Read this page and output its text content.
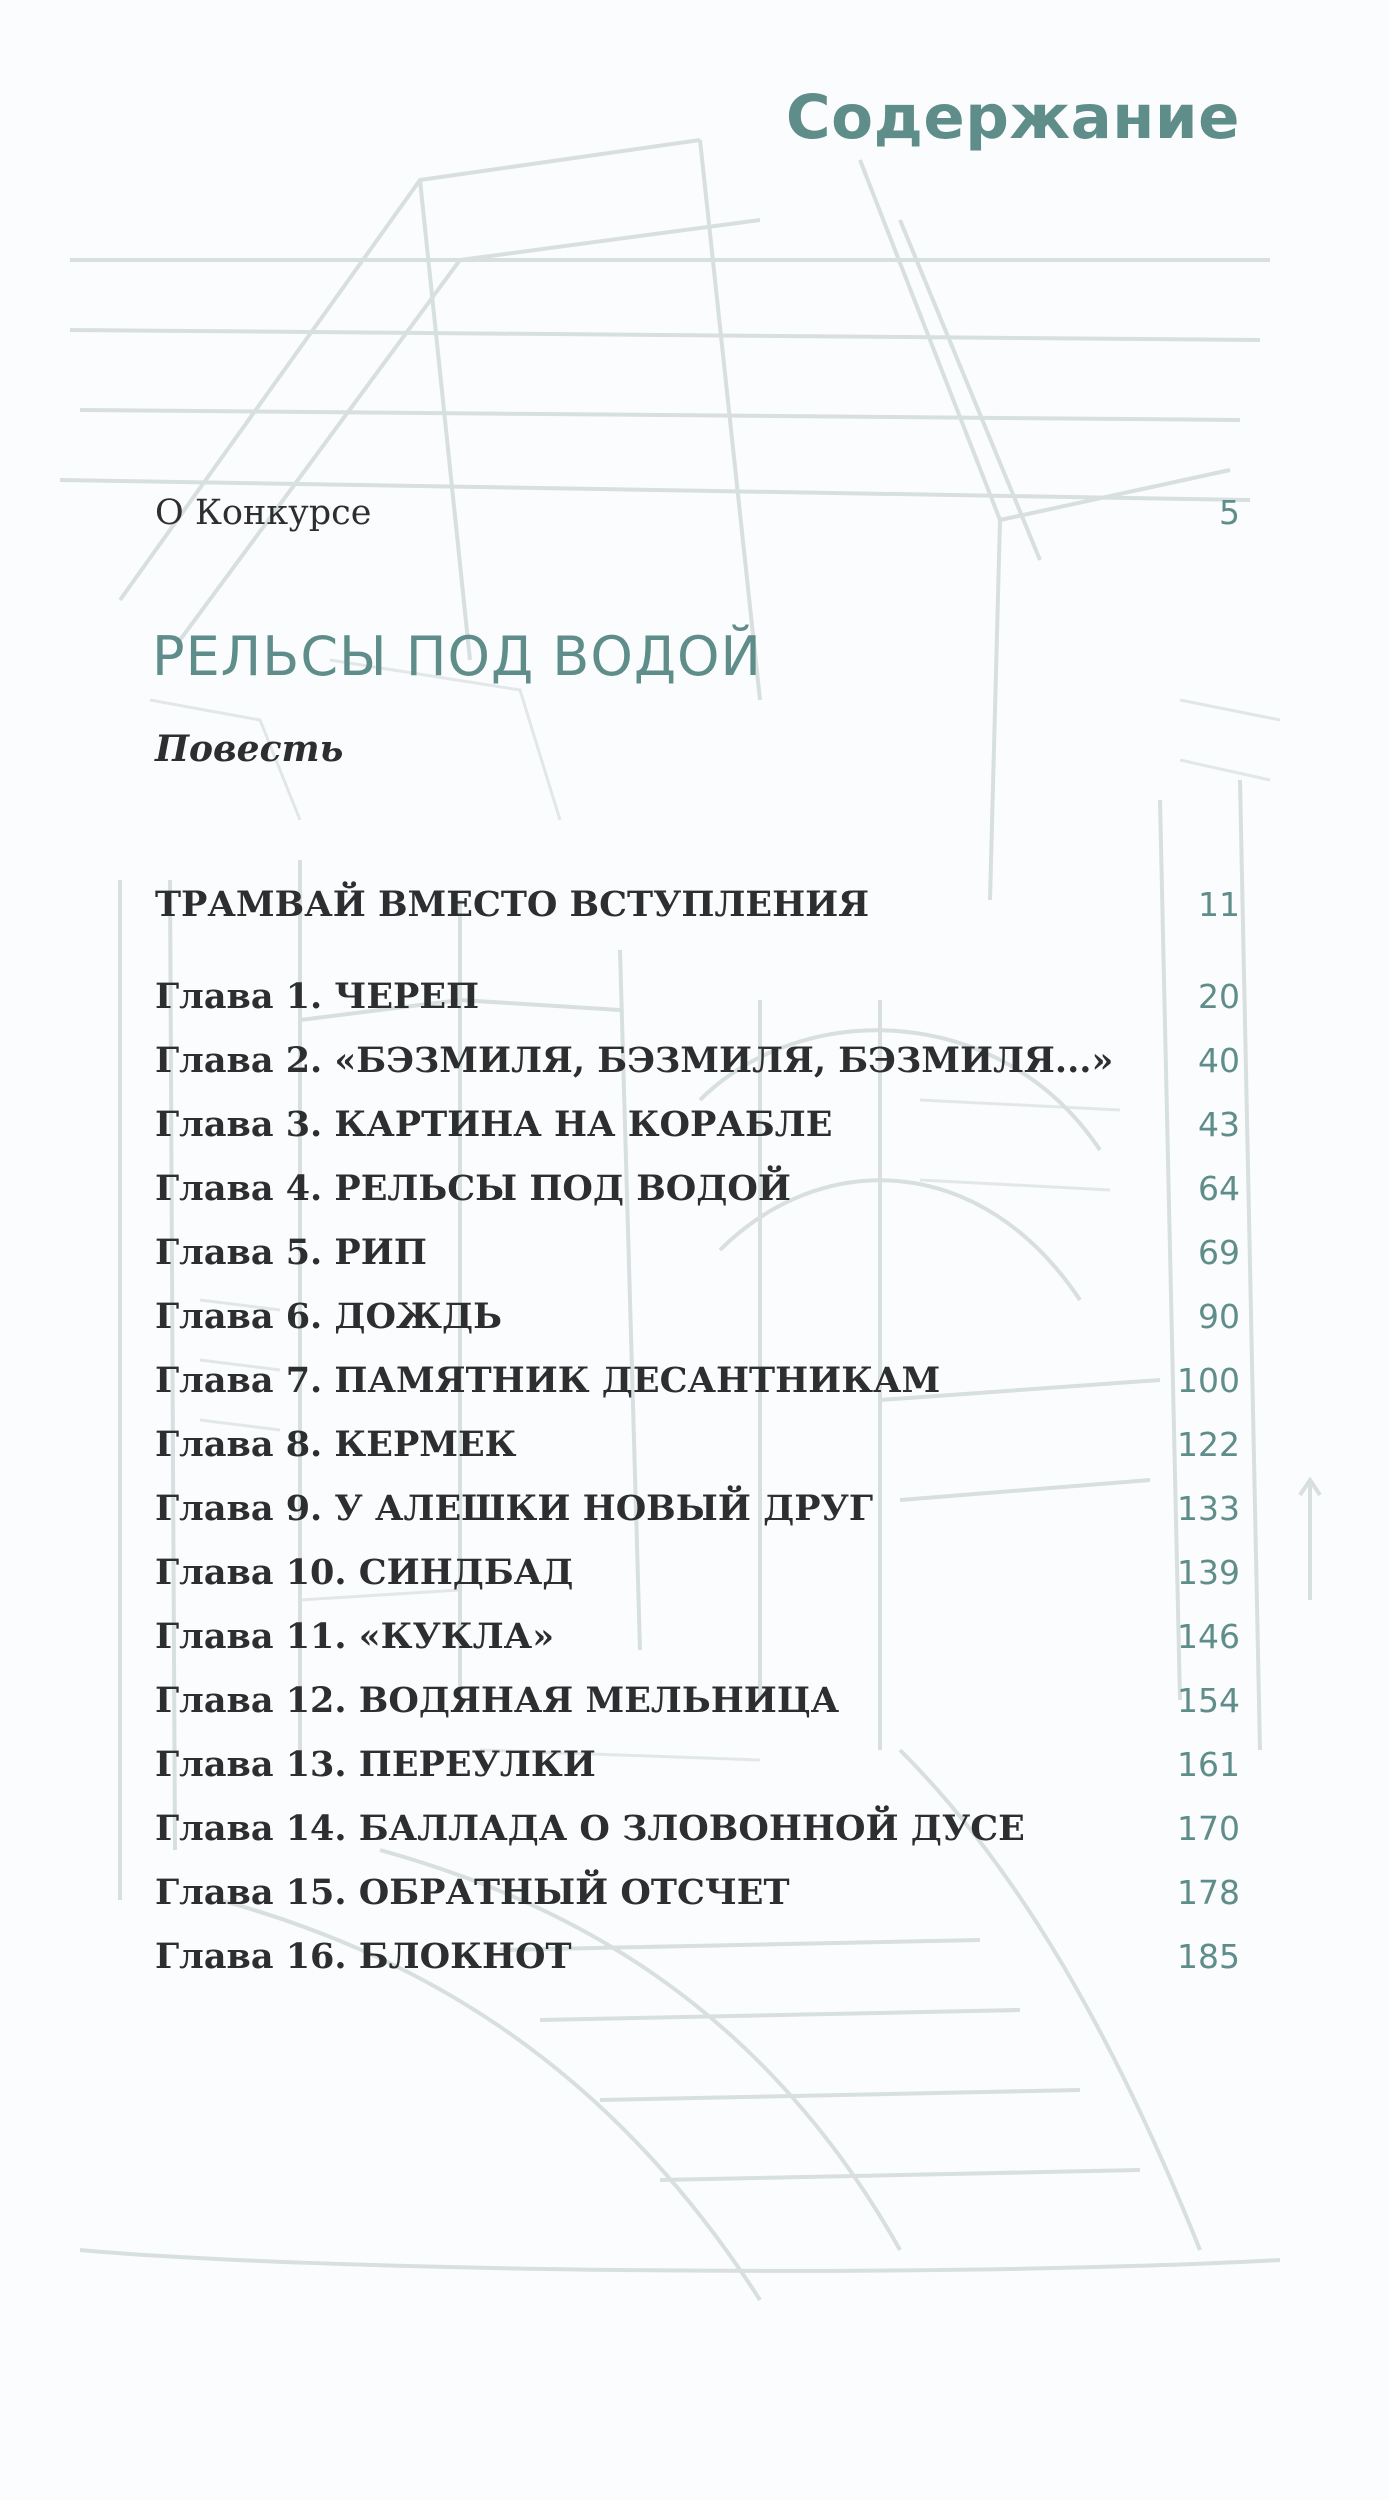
Содержание
О Конкурсе	5
РЕЛЬСЫ ПОД ВОДОЙ
Повесть
ТРАМВАЙ ВМЕСТО ВСТУПЛЕНИЯ	11
Глава 1. ЧЕРЕП	20
Глава 2. «БЭЗМИЛЯ, БЭЗМИЛЯ, БЭЗМИЛЯ...»	40
Глава 3. КАРТИНА НА КОРАБЛЕ	43
Глава 4. РЕЛЬСЫ ПОД ВОДОЙ	64
Глава 5. РИП	69
Глава 6. ДОЖДЬ	90
Глава 7. ПАМЯТНИК ДЕСАНТНИКАМ	100
Глава 8. КЕРМЕК	122
Глава 9. У АЛЕШКИ НОВЫЙ ДРУГ	133
Глава 10. СИНДБАД	139
Глава 11. «КУКЛА»	146
Глава 12. ВОДЯНАЯ МЕЛЬНИЦА	154
Глава 13. ПЕРЕУЛКИ	161
Глава 14. БАЛЛАДА О ЗЛОВОННОЙ ДУСЕ	170
Глава 15. ОБРАТНЫЙ ОТСЧЕТ	178
Глава 16. БЛОКНОТ	185
